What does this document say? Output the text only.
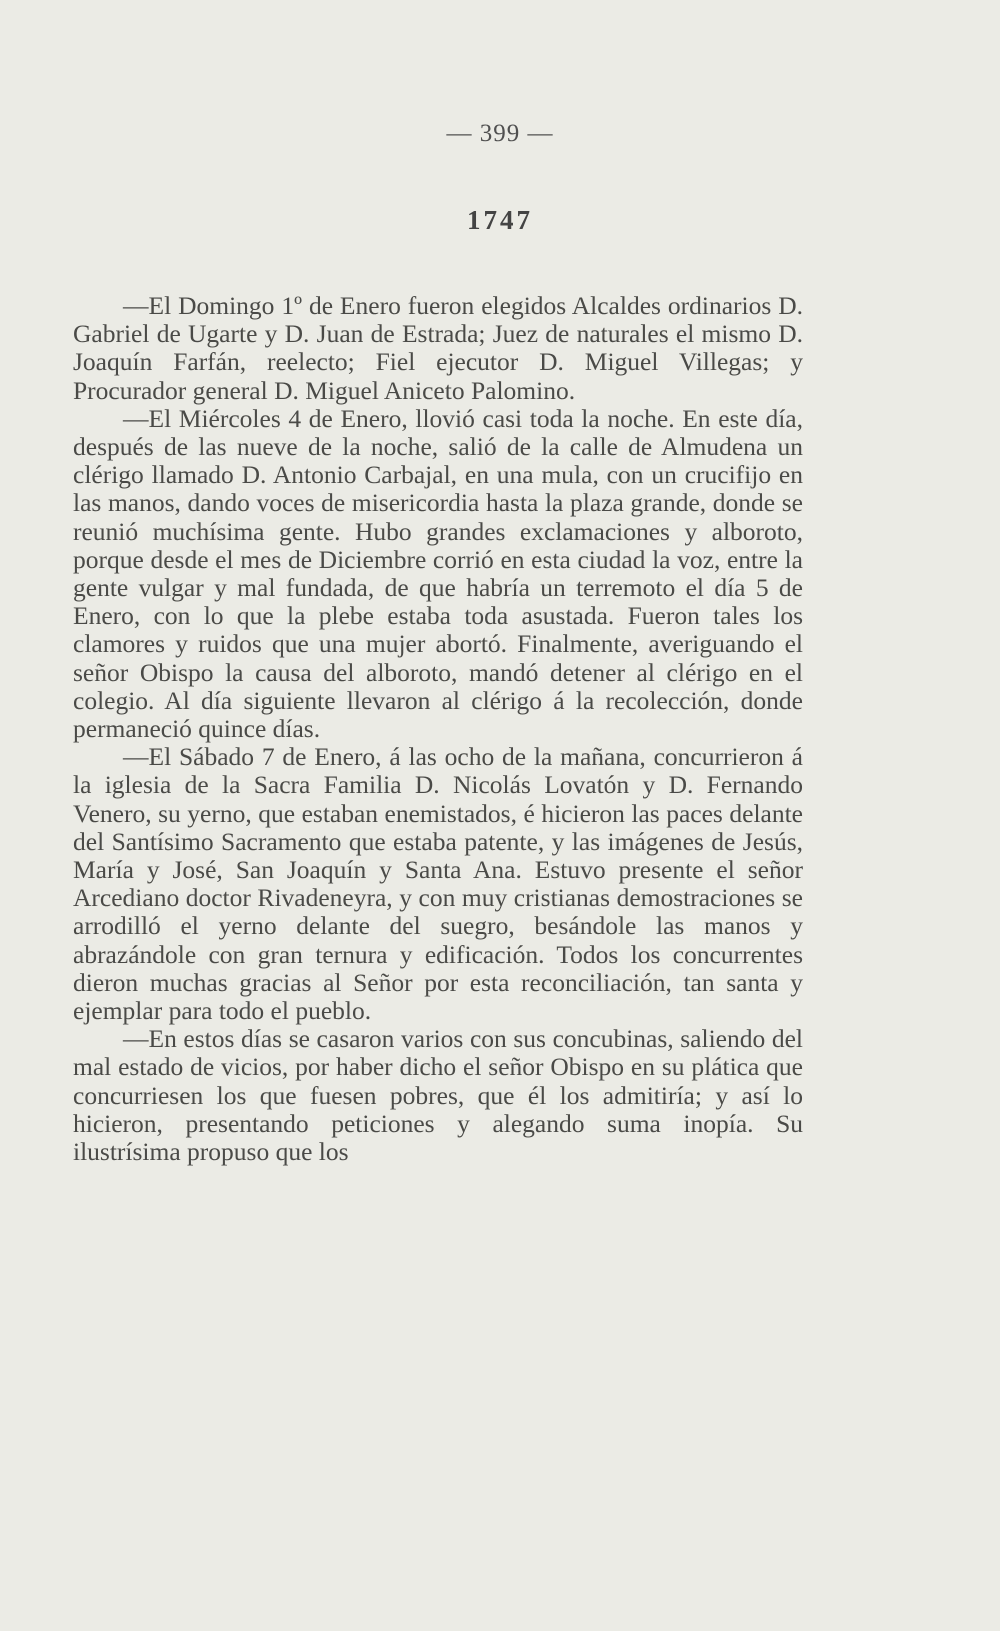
— 399 —
1747

—El Domingo 1º de Enero fueron elegidos Alcaldes ordinarios D. Gabriel de Ugarte y D. Juan de Estrada; Juez de naturales el mismo D. Joaquín Farfán, reelecto; Fiel ejecutor D. Miguel Villegas; y Procurador general D. Miguel Aniceto Palomino.

—El Miércoles 4 de Enero, llovió casi toda la noche. En este día, después de las nueve de la noche, salió de la calle de Almudena un clérigo llamado D. Antonio Carbajal, en una mula, con un crucifijo en las manos, dando voces de misericordia hasta la plaza grande, donde se reunió muchísima gente. Hubo grandes exclamaciones y alboroto, porque desde el mes de Diciembre corrió en esta ciudad la voz, entre la gente vulgar y mal fundada, de que habría un terremoto el día 5 de Enero, con lo que la plebe estaba toda asustada. Fueron tales los clamores y ruidos que una mujer abortó. Finalmente, averiguando el señor Obispo la causa del alboroto, mandó detener al clérigo en el colegio. Al día siguiente llevaron al clérigo á la recolección, donde permaneció quince días.

—El Sábado 7 de Enero, á las ocho de la mañana, concurrieron á la iglesia de la Sacra Familia D. Nicolás Lovatón y D. Fernando Venero, su yerno, que estaban enemistados, é hicieron las paces delante del Santísimo Sacramento que estaba patente, y las imágenes de Jesús, María y José, San Joaquín y Santa Ana. Estuvo presente el señor Arcediano doctor Rivadeneyra, y con muy cristianas demostraciones se arrodilló el yerno delante del suegro, besándole las manos y abrazándole con gran ternura y edificación. Todos los concurrentes dieron muchas gracias al Señor por esta reconciliación, tan santa y ejemplar para todo el pueblo.

—En estos días se casaron varios con sus concubinas, saliendo del mal estado de vicios, por haber dicho el señor Obispo en su plática que concurriesen los que fuesen pobres, que él los admitiría; y así lo hicieron, presentando peticiones y alegando suma inopía. Su ilustrísima propuso que los
